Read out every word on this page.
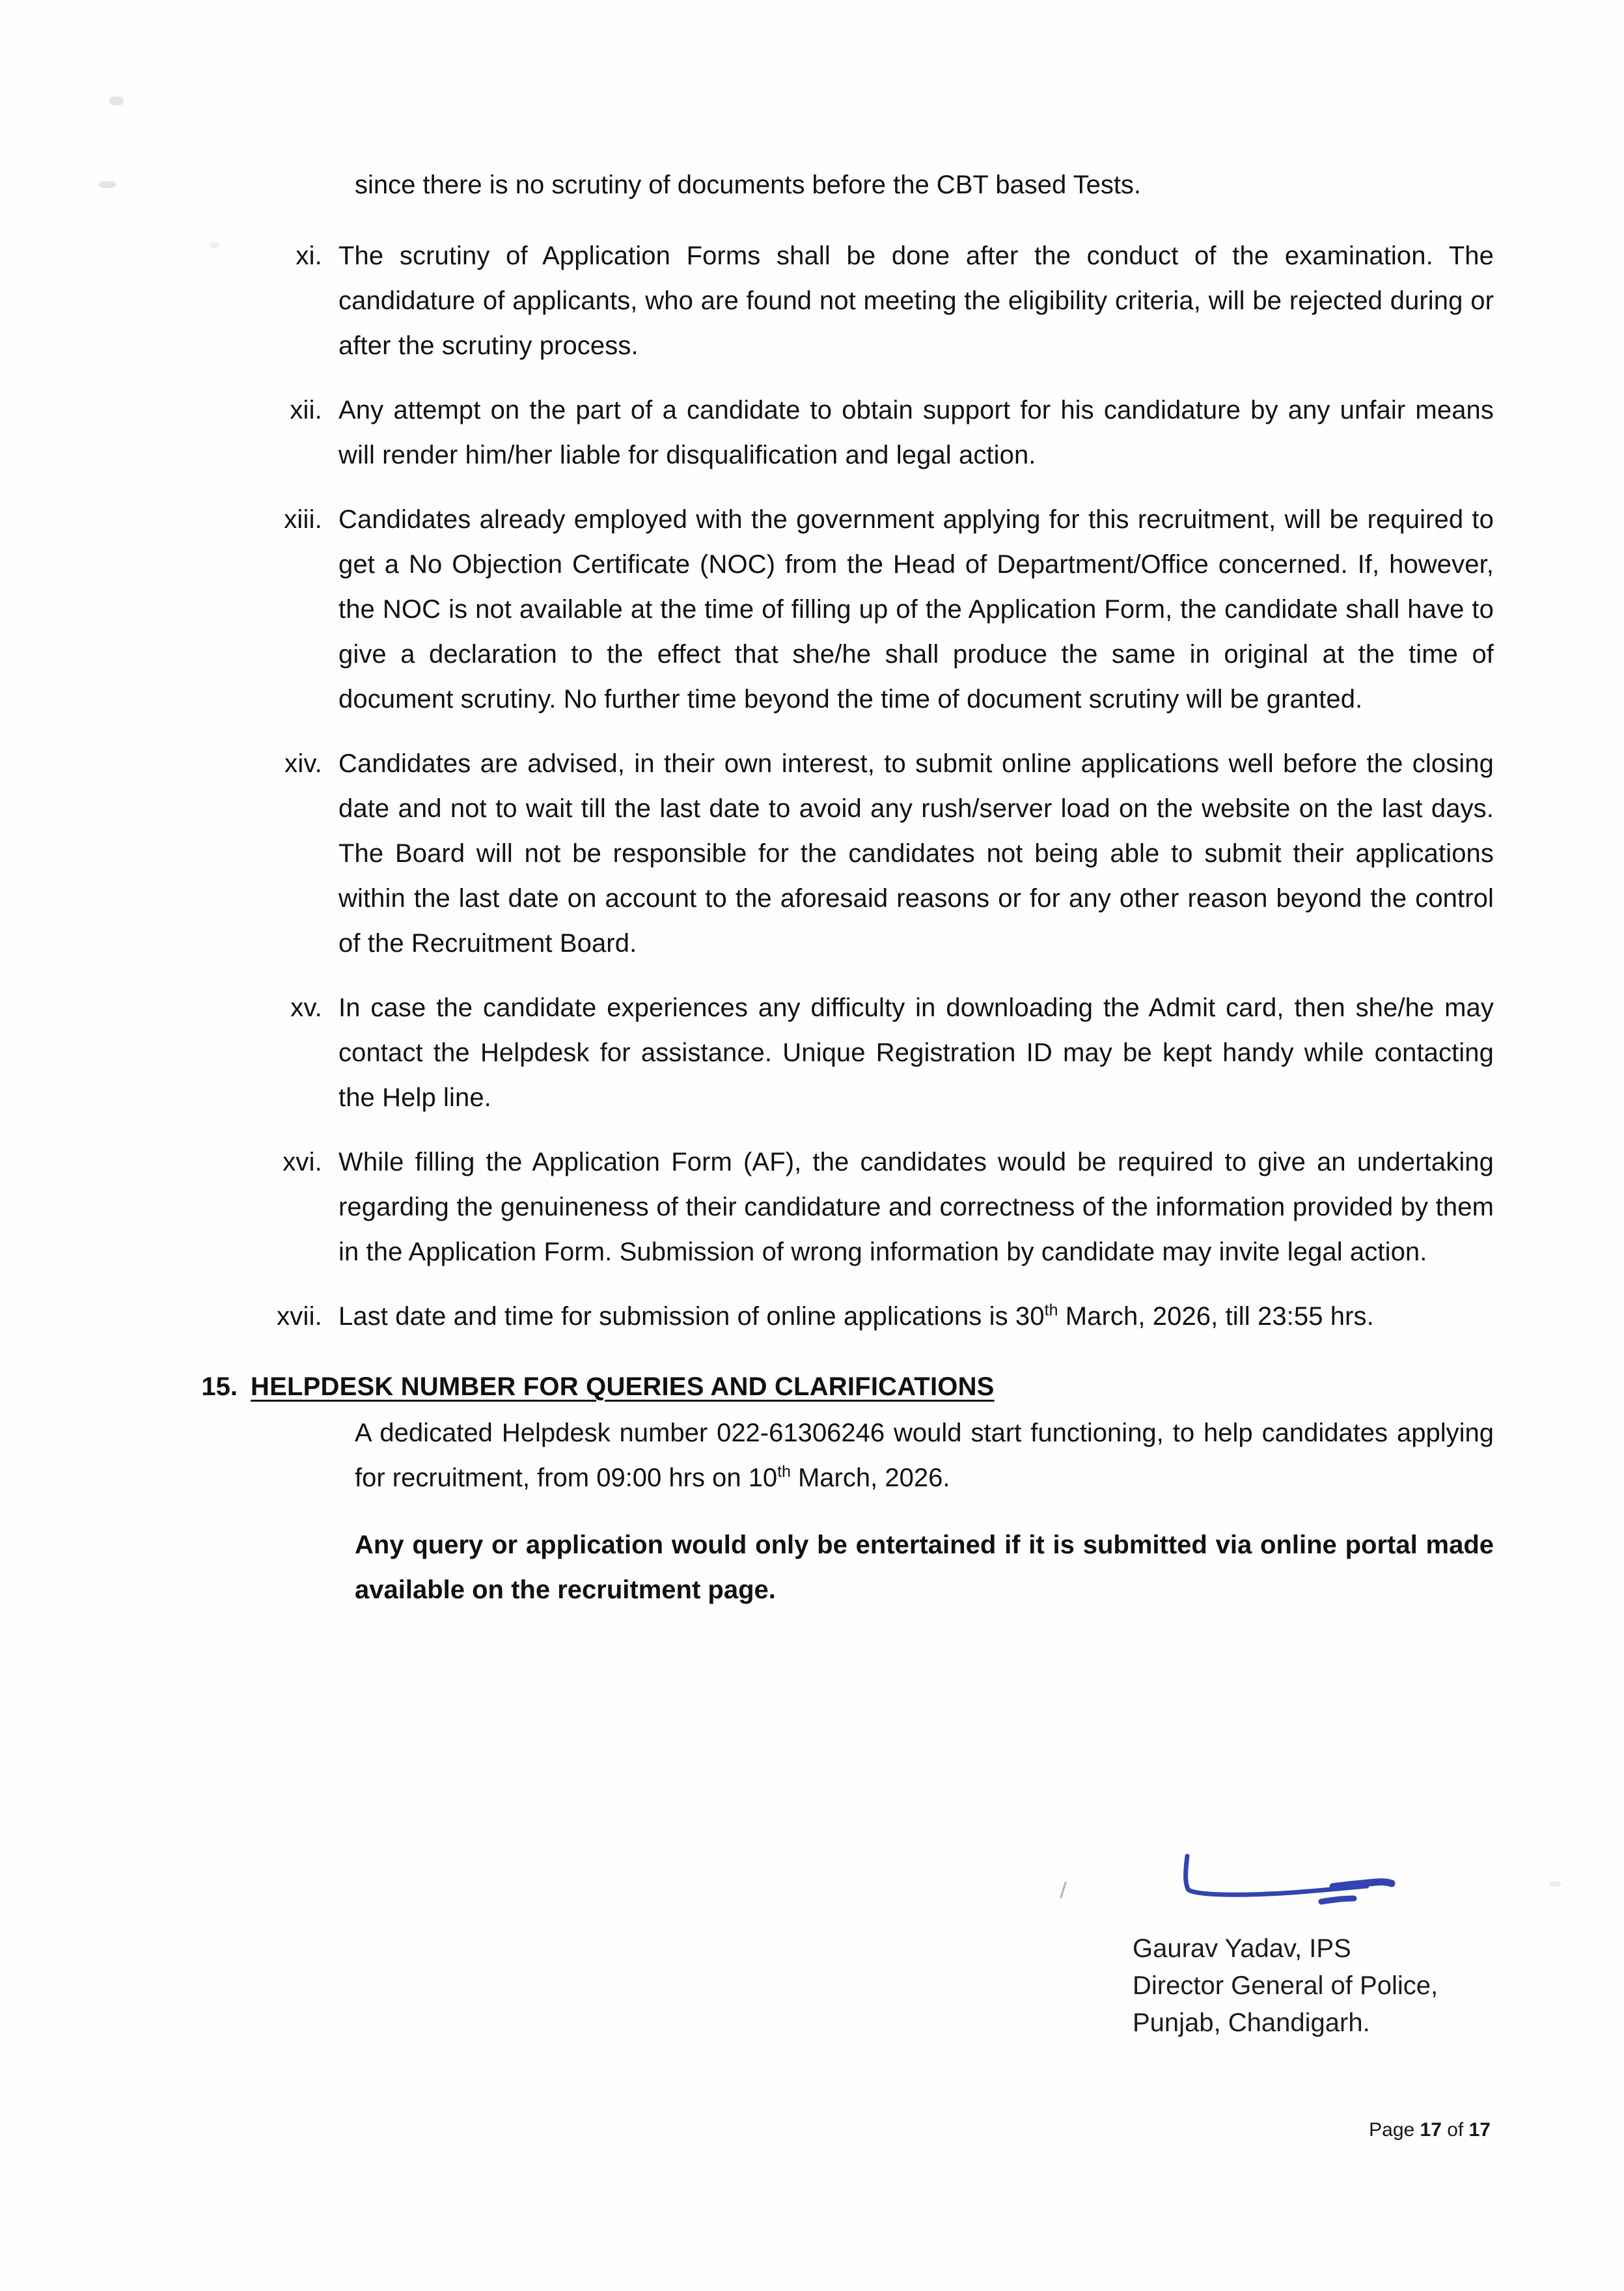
since there is no scrutiny of documents before the CBT based Tests.
xi. The scrutiny of Application Forms shall be done after the conduct of the examination. The candidature of applicants, who are found not meeting the eligibility criteria, will be rejected during or after the scrutiny process.
xii. Any attempt on the part of a candidate to obtain support for his candidature by any unfair means will render him/her liable for disqualification and legal action.
xiii. Candidates already employed with the government applying for this recruitment, will be required to get a No Objection Certificate (NOC) from the Head of Department/Office concerned. If, however, the NOC is not available at the time of filling up of the Application Form, the candidate shall have to give a declaration to the effect that she/he shall produce the same in original at the time of document scrutiny. No further time beyond the time of document scrutiny will be granted.
xiv. Candidates are advised, in their own interest, to submit online applications well before the closing date and not to wait till the last date to avoid any rush/server load on the website on the last days. The Board will not be responsible for the candidates not being able to submit their applications within the last date on account to the aforesaid reasons or for any other reason beyond the control of the Recruitment Board.
xv. In case the candidate experiences any difficulty in downloading the Admit card, then she/he may contact the Helpdesk for assistance. Unique Registration ID may be kept handy while contacting the Help line.
xvi. While filling the Application Form (AF), the candidates would be required to give an undertaking regarding the genuineness of their candidature and correctness of the information provided by them in the Application Form. Submission of wrong information by candidate may invite legal action.
xvii. Last date and time for submission of online applications is 30th March, 2026, till 23:55 hrs.
15. HELPDESK NUMBER FOR QUERIES AND CLARIFICATIONS
A dedicated Helpdesk number 022-61306246 would start functioning, to help candidates applying for recruitment, from 09:00 hrs on 10th March, 2026.
Any query or application would only be entertained if it is submitted via online portal made available on the recruitment page.
Gaurav Yadav, IPS
Director General of Police,
Punjab, Chandigarh.
Page 17 of 17
